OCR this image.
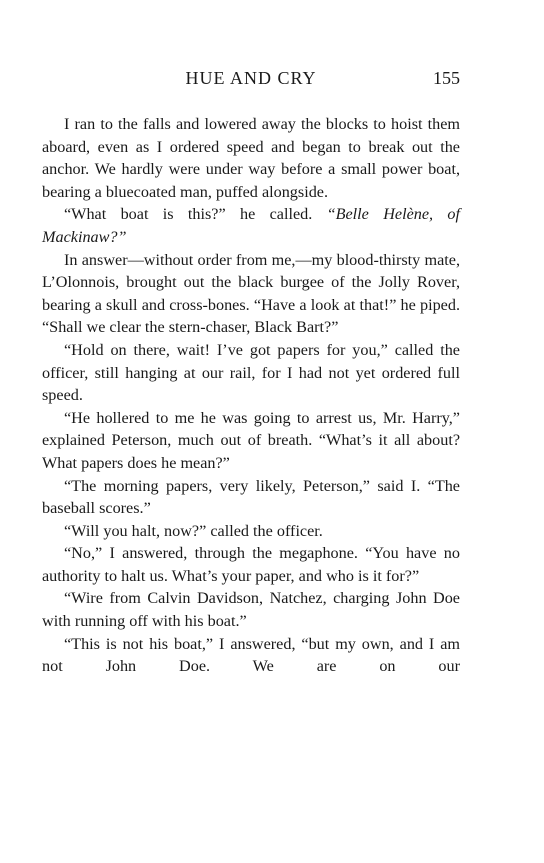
HUE AND CRY	155

I ran to the falls and lowered away the blocks to hoist them aboard, even as I ordered speed and began to break out the anchor. We hardly were under way before a small power boat, bearing a bluecoated man, puffed alongside.

“What boat is this?” he called. “Belle Helène, of Mackinaw?”

In answer—without order from me,—my blood-thirsty mate, L’Olonnois, brought out the black burgee of the Jolly Rover, bearing a skull and cross-bones. “Have a look at that!” he piped. “Shall we clear the stern-chaser, Black Bart?”

“Hold on there, wait! I’ve got papers for you,” called the officer, still hanging at our rail, for I had not yet ordered full speed.

“He hollered to me he was going to arrest us, Mr. Harry,” explained Peterson, much out of breath. “What’s it all about? What papers does he mean?”

“The morning papers, very likely, Peterson,” said I. “The baseball scores.”

“Will you halt, now?” called the officer.

“No,” I answered, through the megaphone. “You have no authority to halt us. What’s your paper, and who is it for?”

“Wire from Calvin Davidson, Natchez, charging John Doe with running off with his boat.”

“This is not his boat,” I answered, “but my own, and I am not John Doe. We are on our
